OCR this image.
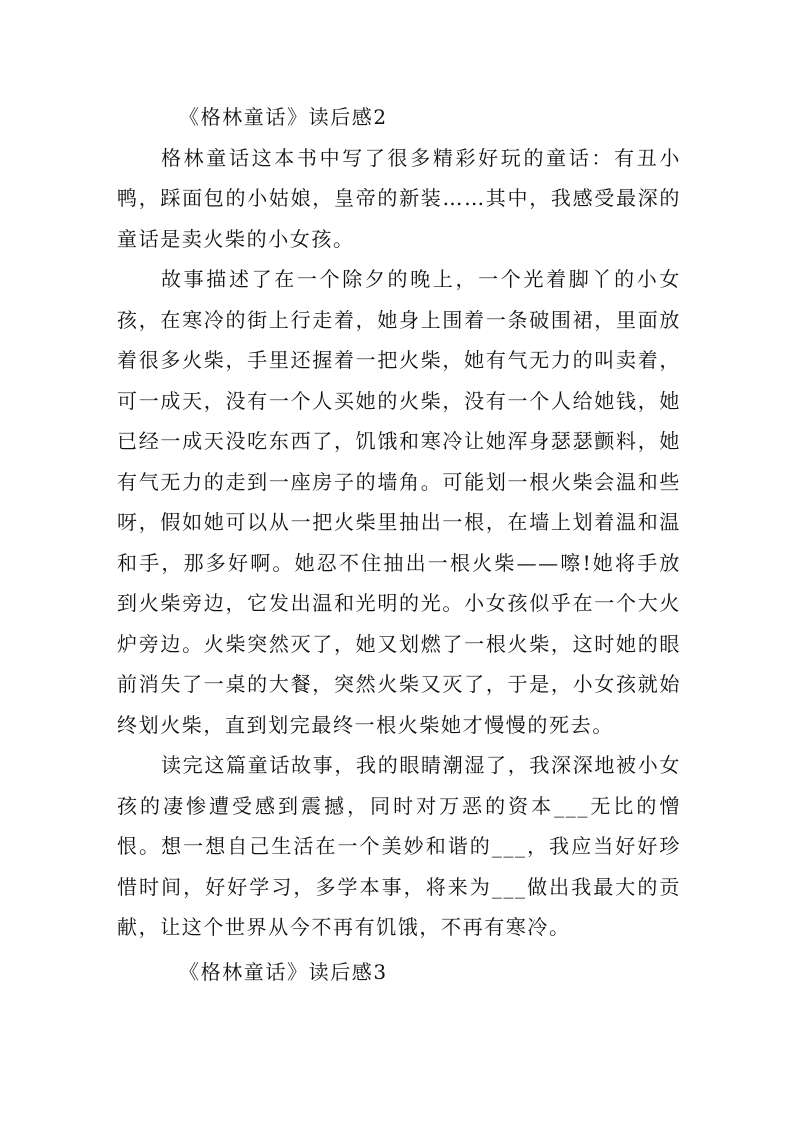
《格林童话》读后感2

格林童话这本书中写了很多精彩好玩的童话：有丑小鸭，踩面包的小姑娘，皇帝的新装……其中，我感受最深的童话是卖火柴的小女孩。

故事描述了在一个除夕的晚上，一个光着脚丫的小女孩，在寒冷的街上行走着，她身上围着一条破围裙，里面放着很多火柴，手里还握着一把火柴，她有气无力的叫卖着，可一成天，没有一个人买她的火柴，没有一个人给她钱，她已经一成天没吃东西了，饥饿和寒冷让她浑身瑟瑟颤料，她有气无力的走到一座房子的墙角。可能划一根火柴会温和些呀，假如她可以从一把火柴里抽出一根，在墙上划着温和温和手，那多好啊。她忍不住抽出一根火柴——嚓!她将手放到火柴旁边，它发出温和光明的光。小女孩似乎在一个大火炉旁边。火柴突然灭了，她又划燃了一根火柴，这时她的眼前消失了一桌的大餐，突然火柴又灭了，于是，小女孩就始终划火柴，直到划完最终一根火柴她才慢慢的死去。

读完这篇童话故事，我的眼睛潮湿了，我深深地被小女孩的凄惨遭受感到震撼，同时对万恶的资本___无比的憎恨。想一想自己生活在一个美妙和谐的___，我应当好好珍惜时间，好好学习，多学本事，将来为___做出我最大的贡献，让这个世界从今不再有饥饿，不再有寒冷。

《格林童话》读后感3
